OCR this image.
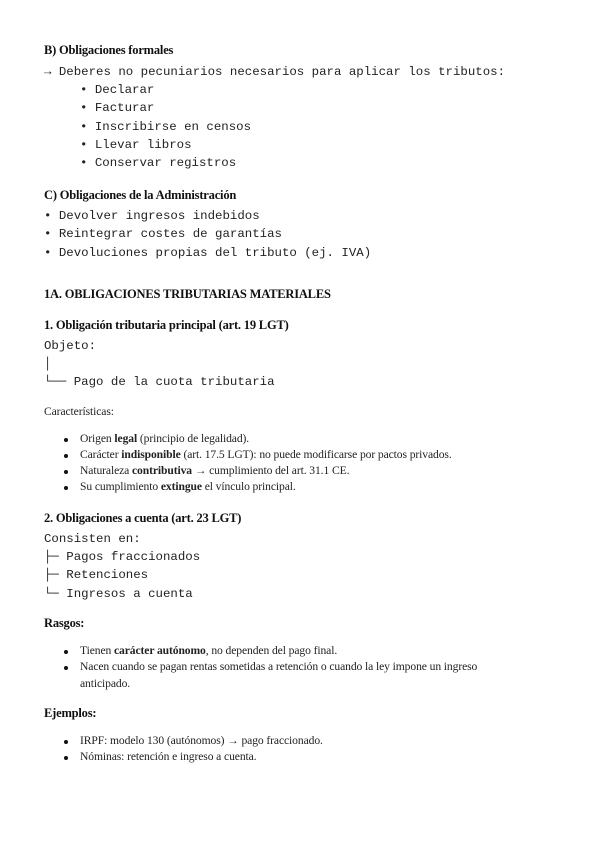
B) Obligaciones formales
→ Deberes no pecuniarios necesarios para aplicar los tributos:
• Declarar
• Facturar
• Inscribirse en censos
• Llevar libros
• Conservar registros
C) Obligaciones de la Administración
• Devolver ingresos indebidos
• Reintegrar costes de garantías
• Devoluciones propias del tributo (ej. IVA)
1A. OBLIGACIONES TRIBUTARIAS MATERIALES
1. Obligación tributaria principal (art. 19 LGT)
Objeto:
│
└── Pago de la cuota tributaria
Características:
Origen legal (principio de legalidad).
Carácter indisponible (art. 17.5 LGT): no puede modificarse por pactos privados.
Naturaleza contributiva → cumplimiento del art. 31.1 CE.
Su cumplimiento extingue el vínculo principal.
2. Obligaciones a cuenta (art. 23 LGT)
Consisten en:
├─ Pagos fraccionados
├─ Retenciones
└─ Ingresos a cuenta
Rasgos:
Tienen carácter autónomo, no dependen del pago final.
Nacen cuando se pagan rentas sometidas a retención o cuando la ley impone un ingreso
anticipado.
Ejemplos:
IRPF: modelo 130 (autónomos) → pago fraccionado.
Nóminas: retención e ingreso a cuenta.
